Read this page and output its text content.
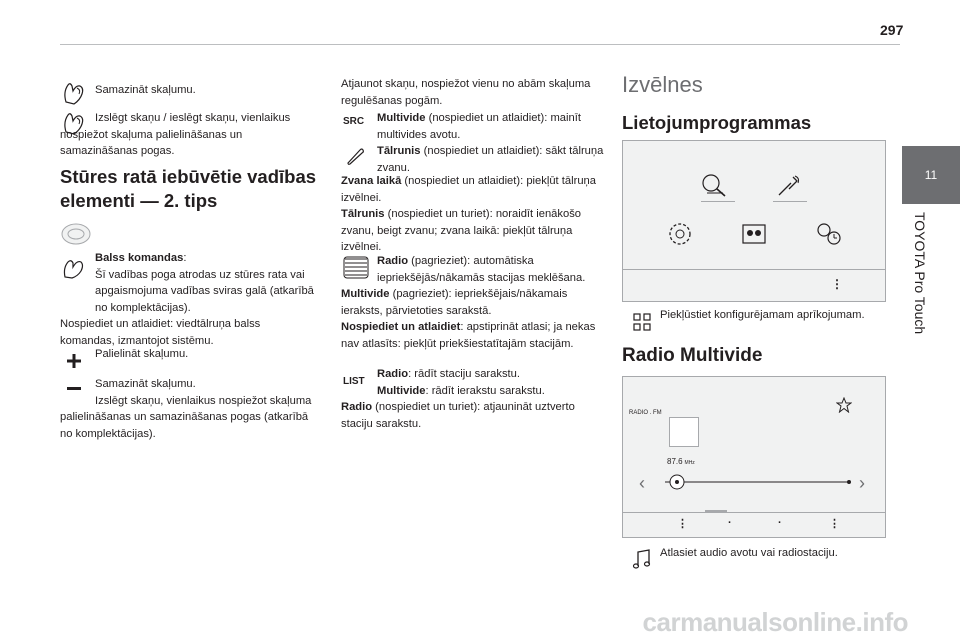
297
11
TOYOTA Pro Touch
Samazināt skaļumu.
Izslēgt skaņu / ieslēgt skaņu, vienlaikus nospiežot skaļuma palielināšanas un samazināšanas pogas.
Stūres ratā iebūvētie vadības elementi — 2. tips
Balss komandas:
Šī vadības poga atrodas uz stūres rata vai apgaismojuma vadības sviras galā (atkarībā no komplektācijas).
Nospiediet un atlaidiet: viedtālruņa balss komandas, izmantojot sistēmu.
Palielināt skaļumu.
Samazināt skaļumu.
Izslēgt skaņu, vienlaikus nospiežot skaļuma palielināšanas un samazināšanas pogas (atkarībā no komplektācijas).
Atjaunot skaņu, nospiežot vienu no abām skaļuma regulēšanas pogām.
SRC Multivide (nospiediet un atlaidiet): mainīt multivides avotu.
Tālrunis (nospiediet un atlaidiet): sākt tālruņa zvanu.
Zvana laikā (nospiediet un atlaidiet): piekļūt tālruņa izvēlnei.
Tālrunis (nospiediet un turiet): noraidīt ienākošo zvanu, beigt zvanu; zvana laikā: piekļūt tālruņa izvēlnei.
Radio (pagrieziet): automātiska iepriekšējās/nākamās stacijas meklēšana.
Multivide (pagrieziet): iepriekšējais/nākamais ieraksts, pārvietoties sarakstā.
Nospiediet un atlaidiet: apstiprināt atlasi; ja nekas nav atlasīts: piekļūt priekšiestatītajām stacijām.
LIST
Radio: rādīt staciju sarakstu.
Multivide: rādīt ierakstu sarakstu.
Radio (nospiediet un turiet): atjaunināt uztverto staciju sarakstu.
Izvēlnes
Lietojumprogrammas
⋮
Piekļūstiet konfigurējamam aprīkojumam.
Radio Multivide
RADIO . FM
87.6 MHz
‹	›
⋮	·	·	⋮
Atlasiet audio avotu vai radiostaciju.
carmanualsonline.info
